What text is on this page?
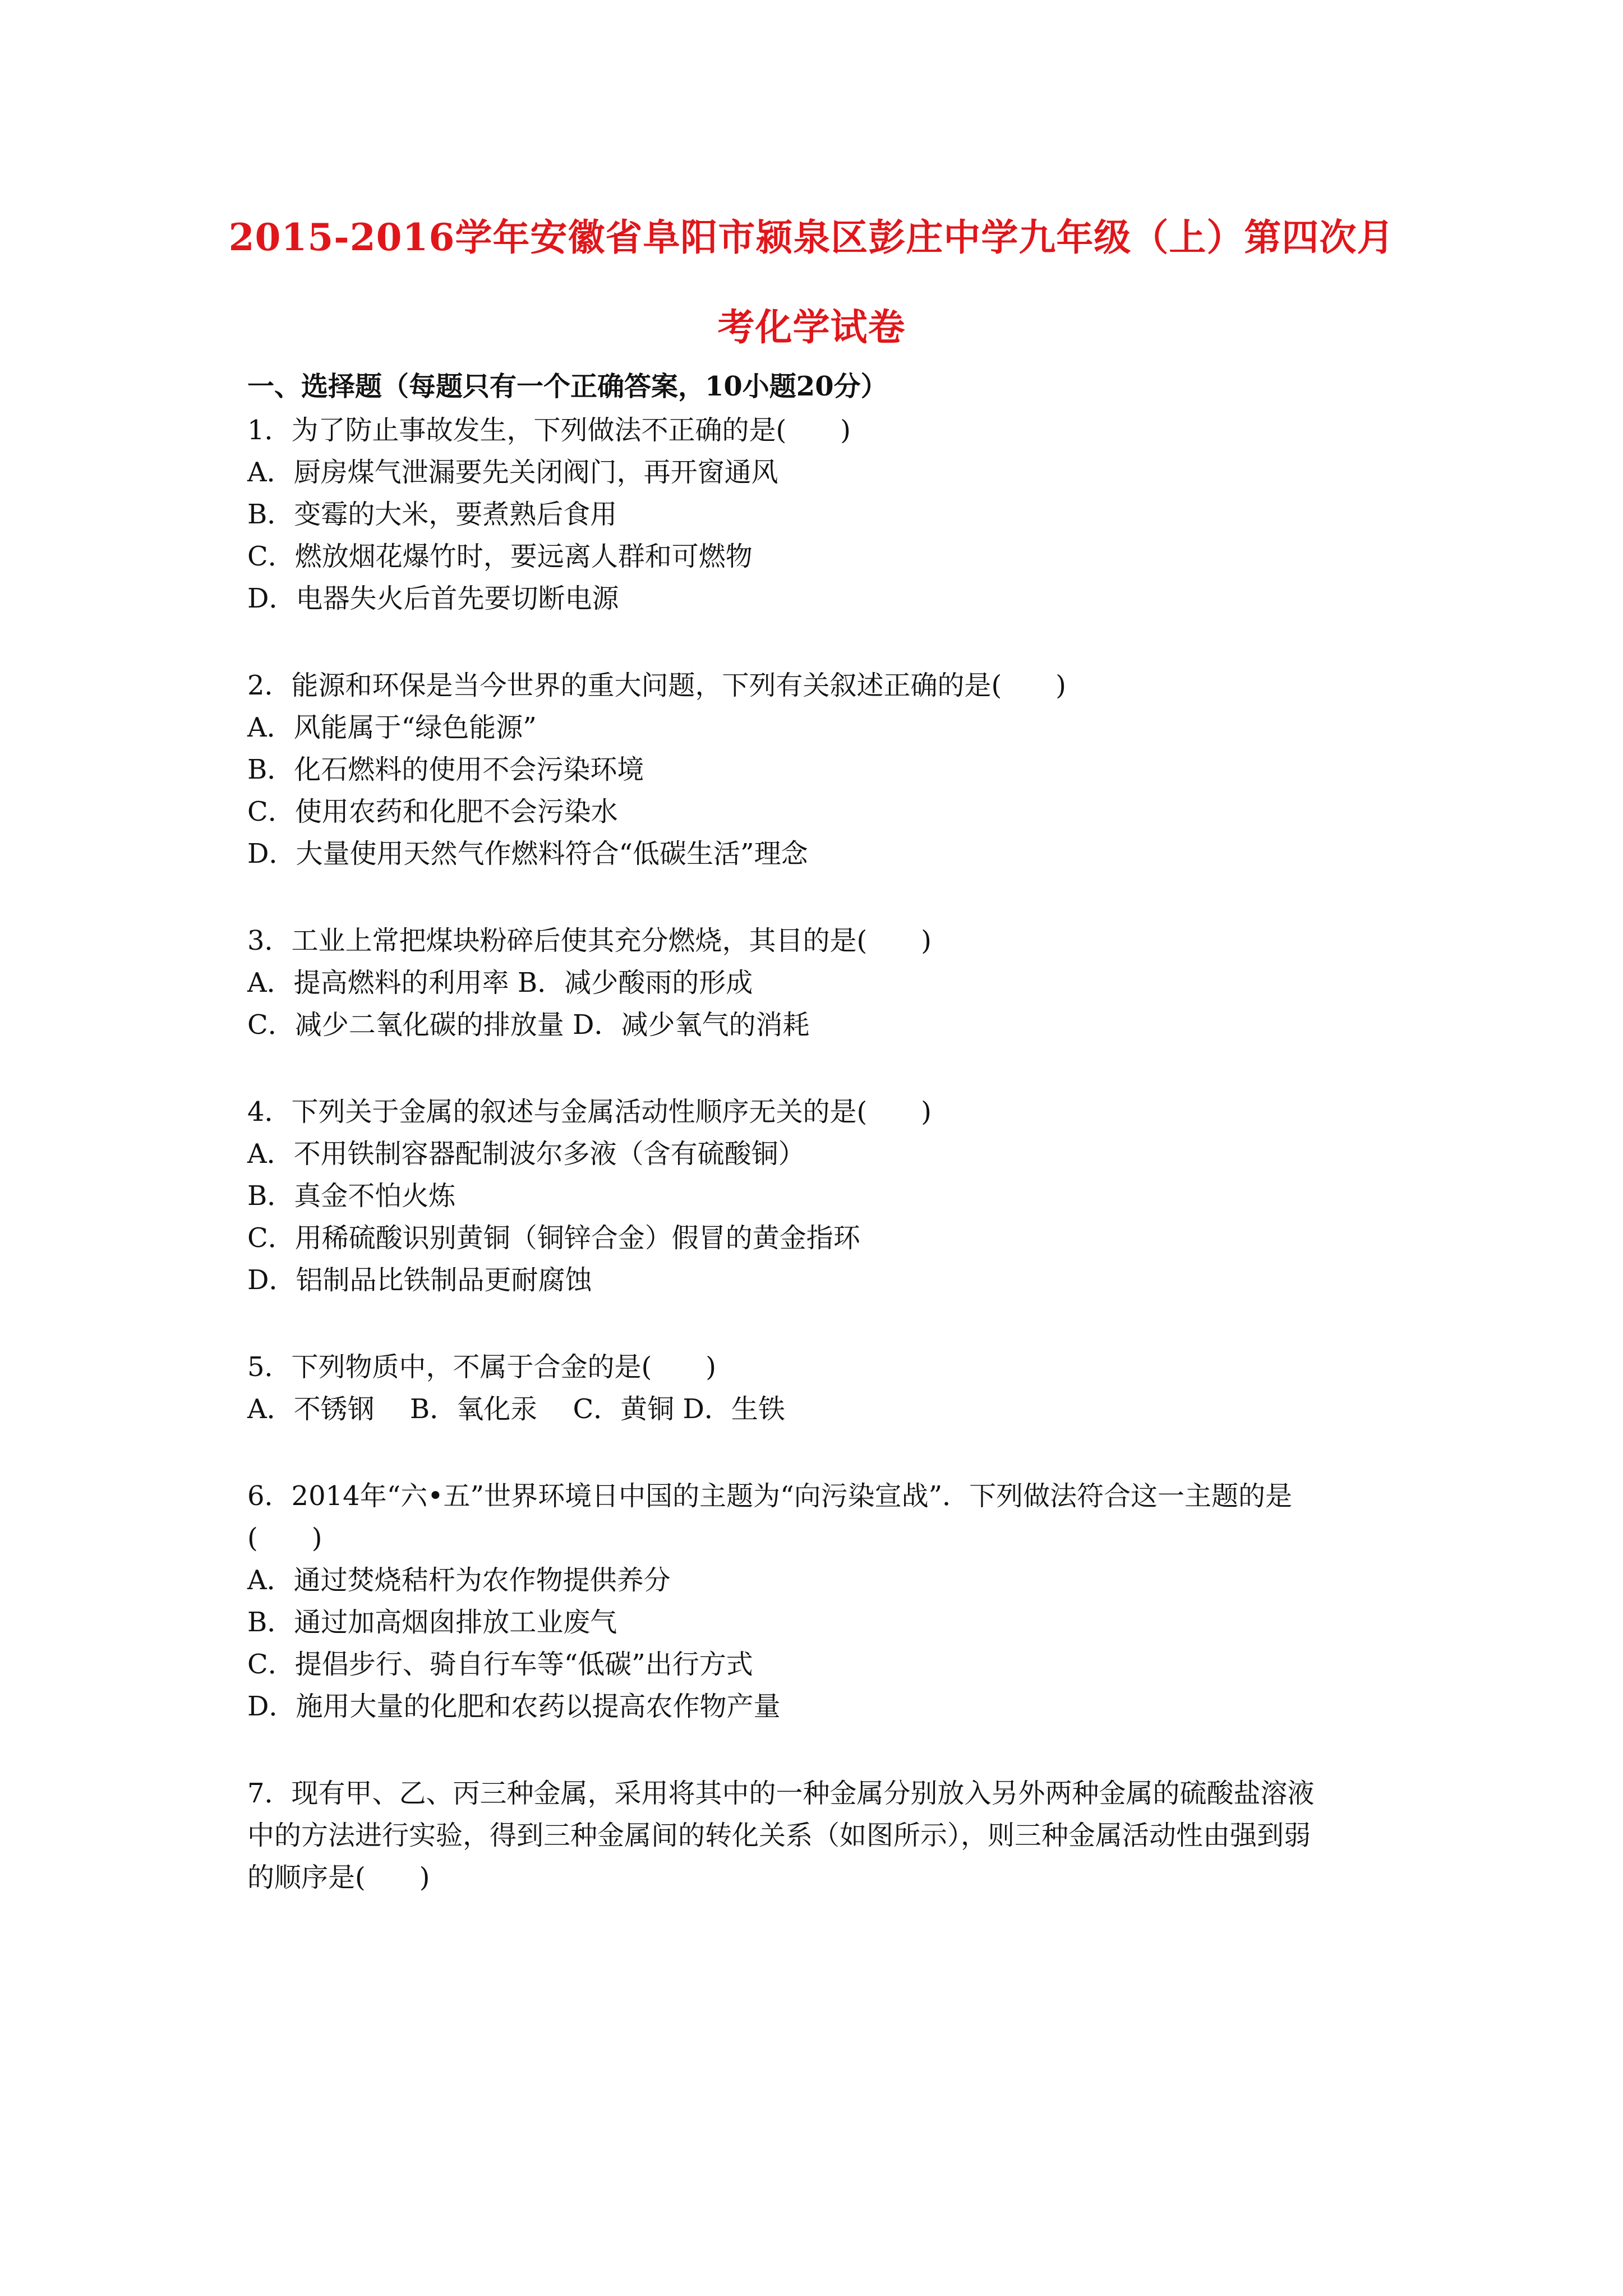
2015-2016学年安徽省阜阳市颍泉区彭庄中学九年级（上）第四次月
考化学试卷
一、选择题（每题只有一个正确答案，10小题20分）
1．为了防止事故发生，下列做法不正确的是(　　)
A．厨房煤气泄漏要先关闭阀门，再开窗通风
B．变霉的大米，要煮熟后食用
C．燃放烟花爆竹时，要远离人群和可燃物
D．电器失火后首先要切断电源
2．能源和环保是当今世界的重大问题，下列有关叙述正确的是(　　)
A．风能属于“绿色能源”
B．化石燃料的使用不会污染环境
C．使用农药和化肥不会污染水
D．大量使用天然气作燃料符合“低碳生活”理念
3．工业上常把煤块粉碎后使其充分燃烧，其目的是(　　)
A．提高燃料的利用率 B．减少酸雨的形成
C．减少二氧化碳的排放量 D．减少氧气的消耗
4．下列关于金属的叙述与金属活动性顺序无关的是(　　)
A．不用铁制容器配制波尔多液（含有硫酸铜）
B．真金不怕火炼
C．用稀硫酸识别黄铜（铜锌合金）假冒的黄金指环
D．铝制品比铁制品更耐腐蚀
5．下列物质中，不属于合金的是(　　)
A．不锈钢　 B．氧化汞　 C．黄铜 D．生铁
6．2014年“六•五”世界环境日中国的主题为“向污染宣战”．下列做法符合这一主题的是
(　　)
A．通过焚烧秸杆为农作物提供养分
B．通过加高烟囱排放工业废气
C．提倡步行、骑自行车等“低碳”出行方式
D．施用大量的化肥和农药以提高农作物产量
7．现有甲、乙、丙三种金属，采用将其中的一种金属分别放入另外两种金属的硫酸盐溶液
中的方法进行实验，得到三种金属间的转化关系（如图所示），则三种金属活动性由强到弱
的顺序是(　　)
